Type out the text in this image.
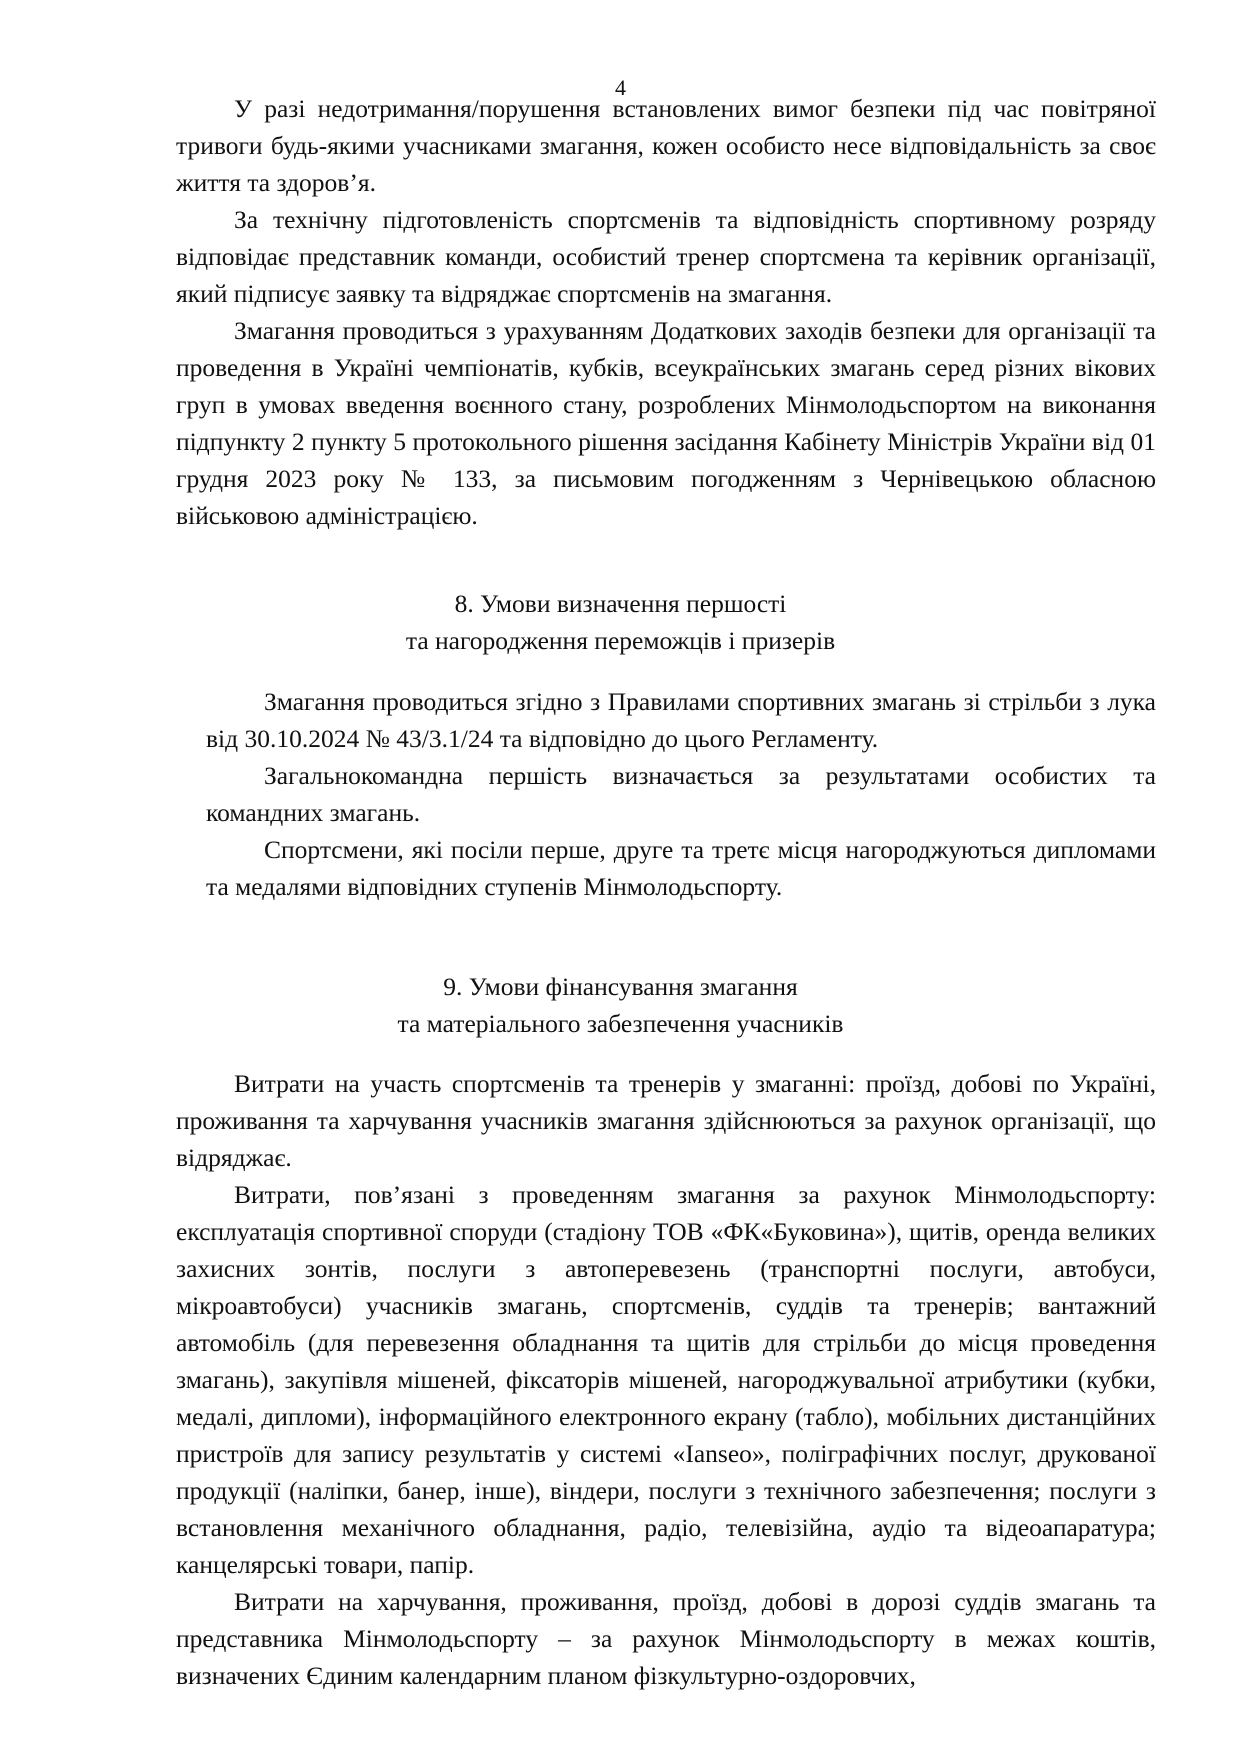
4

У разі недотримання/порушення встановлених вимог безпеки під час повітряної тривоги будь-якими учасниками змагання, кожен особисто несе відповідальність за своє життя та здоров’я.

За технічну підготовленість спортсменів та відповідність спортивному розряду відповідає представник команди, особистий тренер спортсмена та керівник організації, який підписує заявку та відряджає спортсменів на змагання.

Змагання проводиться з урахуванням Додаткових заходів безпеки для організації та проведення в Україні чемпіонатів, кубків, всеукраїнських змагань серед різних вікових груп в умовах введення воєнного стану, розроблених Мінмолодьспортом на виконання підпункту 2 пункту 5 протокольного рішення засідання Кабінету Міністрів України від 01 грудня 2023 року № 133, за письмовим погодженням з Чернівецькою обласною військовою адміністрацією.

8. Умови визначення першості
та нагородження переможців і призерів

Змагання проводиться згідно з Правилами спортивних змагань зі стрільби з лука від 30.10.2024 № 43/3.1/24 та відповідно до цього Регламенту.

Загальнокомандна першість визначається за результатами особистих та командних змагань.

Спортсмени, які посіли перше, друге та третє місця нагороджуються дипломами та медалями відповідних ступенів Мінмолодьспорту.

9. Умови фінансування змагання
та матеріального забезпечення учасників

Витрати на участь спортсменів та тренерів у змаганні: проїзд, добові по Україні, проживання та харчування учасників змагання здійснюються за рахунок організації, що відряджає.

Витрати, пов’язані з проведенням змагання за рахунок Мінмолодьспорту: експлуатація спортивної споруди (стадіону ТОВ «ФК«Буковина»), щитів, оренда великих захисних зонтів, послуги з автоперевезень (транспортні послуги, автобуси, мікроавтобуси) учасників змагань, спортсменів, суддів та тренерів; вантажний автомобіль (для перевезення обладнання та щитів для стрільби до місця проведення змагань), закупівля мішеней, фіксаторів мішеней, нагороджувальної атрибутики (кубки, медалі, дипломи), інформаційного електронного екрану (табло), мобільних дистанційних пристроїв для запису результатів у системі «Ianseo», поліграфічних послуг, друкованої продукції (наліпки, банер, інше), віндери, послуги з технічного забезпечення; послуги з встановлення механічного обладнання, радіо, телевізійна, аудіо та відеоапаратура; канцелярські товари, папір.

Витрати на харчування, проживання, проїзд, добові в дорозі суддів змагань та представника Мінмолодьспорту – за рахунок Мінмолодьспорту в межах коштів, визначених Єдиним календарним планом фізкультурно-оздоровчих,
